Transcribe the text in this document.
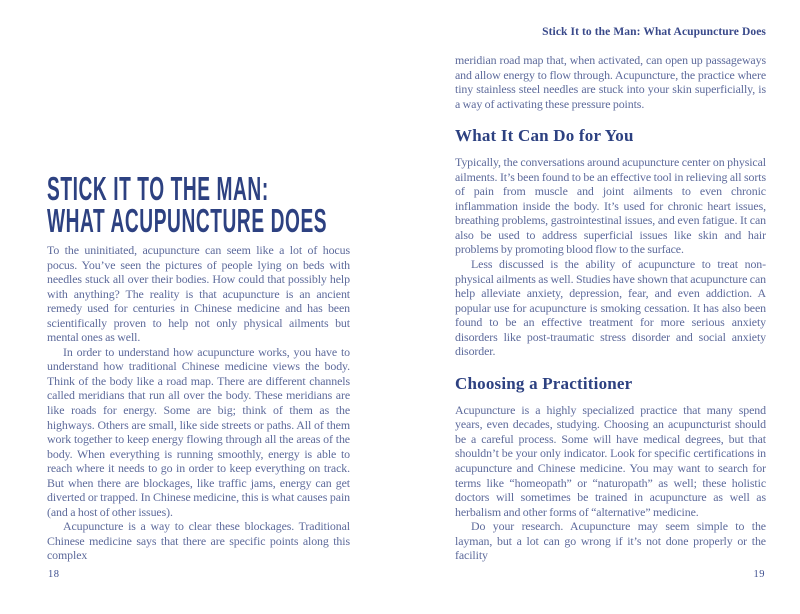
STICK IT TO THE MAN:
WHAT ACUPUNCTURE DOES

To the uninitiated, acupuncture can seem like a lot of hocus pocus. You’ve seen the pictures of people lying on beds with needles stuck all over their bodies. How could that possibly help with anything? The reality is that acupuncture is an ancient remedy used for centuries in Chinese medicine and has been scientifically proven to help not only physical ailments but mental ones as well.

In order to understand how acupuncture works, you have to understand how traditional Chinese medicine views the body. Think of the body like a road map. There are different channels called meridians that run all over the body. These meridians are like roads for energy. Some are big; think of them as the highways. Others are small, like side streets or paths. All of them work together to keep energy flowing through all the areas of the body. When everything is running smoothly, energy is able to reach where it needs to go in order to keep everything on track. But when there are blockages, like traffic jams, energy can get diverted or trapped. In Chinese medicine, this is what causes pain (and a host of other issues).

Acupuncture is a way to clear these blockages. Traditional Chinese medicine says that there are specific points along this complex

18
Stick It to the Man: What Acupuncture Does

meridian road map that, when activated, can open up passageways and allow energy to flow through. Acupuncture, the practice where tiny stainless steel needles are stuck into your skin superficially, is a way of activating these pressure points.

What It Can Do for You

Typically, the conversations around acupuncture center on physical ailments. It’s been found to be an effective tool in relieving all sorts of pain from muscle and joint ailments to even chronic inflammation inside the body. It’s used for chronic heart issues, breathing problems, gastrointestinal issues, and even fatigue. It can also be used to address superficial issues like skin and hair problems by promoting blood flow to the surface.

Less discussed is the ability of acupuncture to treat non-physical ailments as well. Studies have shown that acupuncture can help alleviate anxiety, depression, fear, and even addiction. A popular use for acupuncture is smoking cessation. It has also been found to be an effective treatment for more serious anxiety disorders like post-traumatic stress disorder and social anxiety disorder.

Choosing a Practitioner

Acupuncture is a highly specialized practice that many spend years, even decades, studying. Choosing an acupuncturist should be a careful process. Some will have medical degrees, but that shouldn’t be your only indicator. Look for specific certifications in acupuncture and Chinese medicine. You may want to search for terms like “homeopath” or “naturopath” as well; these holistic doctors will sometimes be trained in acupuncture as well as herbalism and other forms of “alternative” medicine.

Do your research. Acupuncture may seem simple to the layman, but a lot can go wrong if it’s not done properly or the facility

19
